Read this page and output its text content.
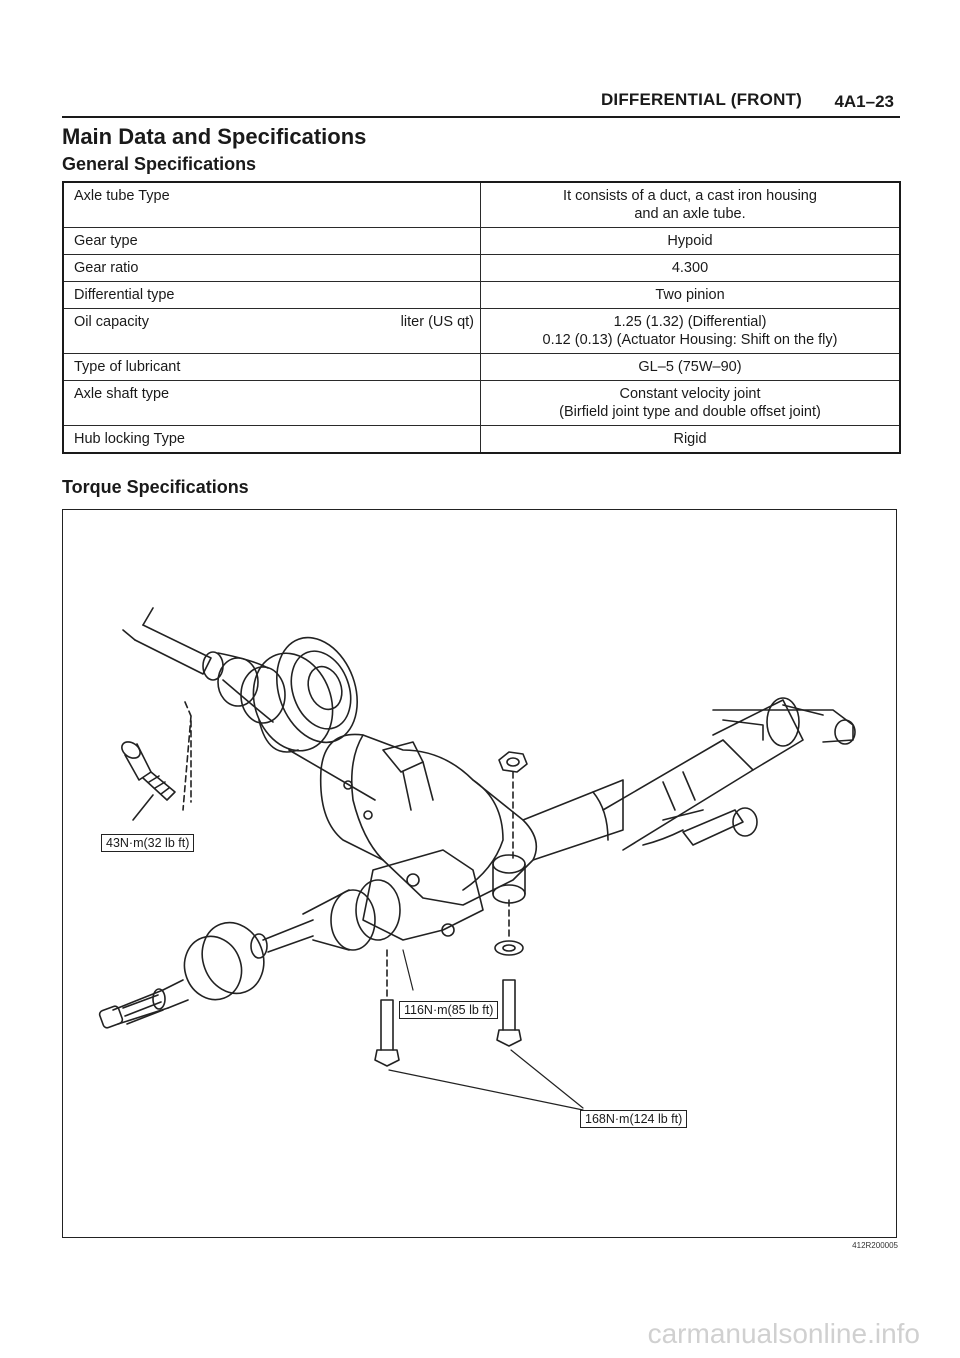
DIFFERENTIAL (FRONT) 4A1–23
Main Data and Specifications
General Specifications
Axle tube Type		It consists of a duct, a cast iron housing
and an axle tube.

Gear type		Hypoid

Gear ratio		4.300

Differential type		Two pinion

Oil capacity	liter (US qt)	1.25 (1.32) (Differential)
0.12 (0.13) (Actuator Housing: Shift on the fly)

Type of lubricant		GL–5 (75W–90)

Axle shaft type		Constant velocity joint
(Birfield joint type and double offset joint)

Hub locking Type		Rigid
Torque Specifications
43N·m(32 lb ft)
116N·m(85 lb ft)
168N·m(124 lb ft)
412R200005
carmanualsonline.info
